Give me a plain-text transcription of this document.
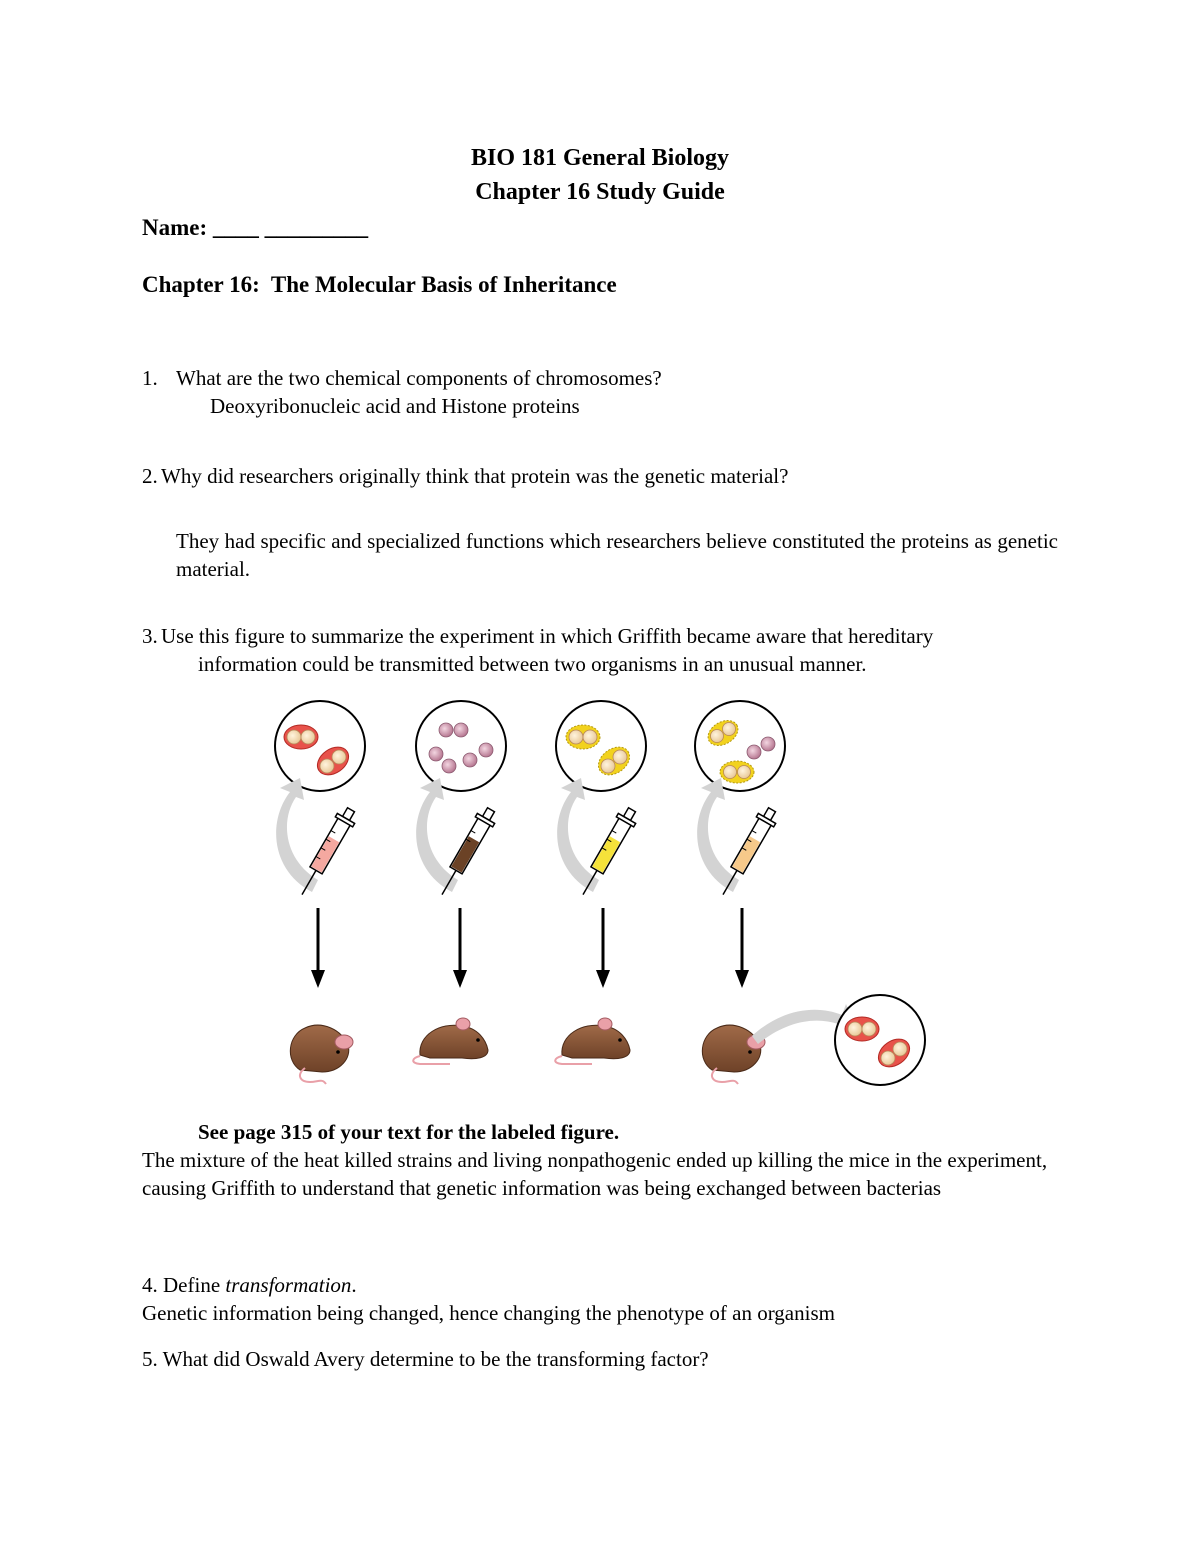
BIO 181 General Biology
Chapter 16 Study Guide
Name: ____ _________
Chapter 16: The Molecular Basis of Inheritance
1. What are the two chemical components of chromosomes?
Deoxyribonucleic acid and Histone proteins
2. Why did researchers originally think that protein was the genetic material?
They had specific and specialized functions which researchers believe constituted the proteins as genetic material.
3. Use this figure to summarize the experiment in which Griffith became aware that hereditary
information could be transmitted between two organisms in an unusual manner.
See page 315 of your text for the labeled figure.
The mixture of the heat killed strains and living nonpathogenic ended up killing the mice in the experiment, causing Griffith to understand that genetic information was being exchanged between bacterias
4. Define transformation.
Genetic information being changed, hence changing the phenotype of an organism
5. What did Oswald Avery determine to be the transforming factor?
